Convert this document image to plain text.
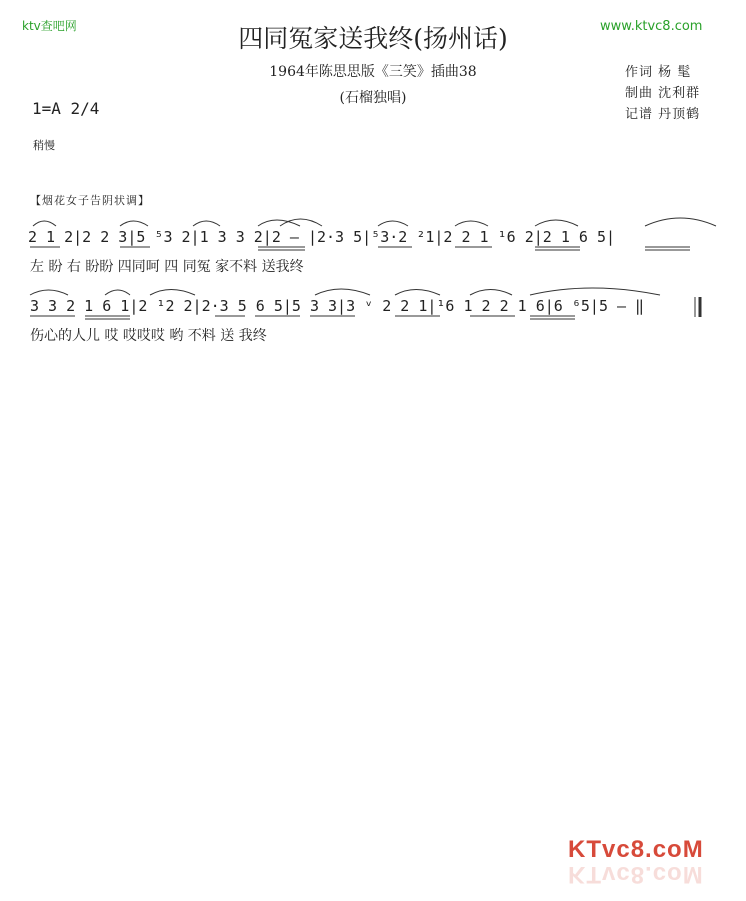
ktv查吧网	www.ktvc8.com
四同冤家送我终(扬州话)
1964年陈思思版《三笑》插曲38
(石榴独唱)
作词 杨 髦
制曲 沈利群
记谱 丹顶鹤
1=A 2/4
稍慢
【烟花女子告阴状调】
2 1 2|2 2 3|5 ⁵3 2|1 3 3 2|2 – |2·3 5|⁵3·2 ²1|2 2 1 ¹6 2|2 1 6 5|
左 盼 右 盼盼 四同呵 四 同冤 家不料 送我终
3 3 2 1 6 1|2 ¹2 2|2·3 5 6 5|5 3 3|3 ᵛ 2 2 1|¹6 1 2 2 1 6|6 ⁶5|5 – ‖
伤心的人儿 哎 哎哎哎 哟 不料 送 我终
KTvc8.coM
KTvc8.coM
